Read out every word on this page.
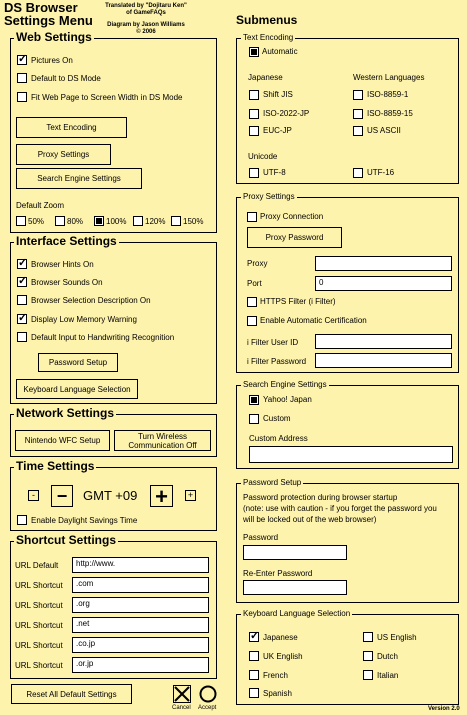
DS Browser
Settings Menu
Translated by "Dojitaru Ken"
of GameFAQs
Diagram by Jason Williams
© 2006
Submenus
Web Settings
✓
Pictures On
Default to DS Mode
Fit Web Page to Screen Width in DS Mode
Text Encoding
Proxy Settings
Search Engine Settings
Default Zoom
50%	80%	100% 120% 150%
Interface Settings
✓
Browser Hints On
✓
Browser Sounds On
Browser Selection Description On
✓
Display Low Memory Warning
Default Input to Handwriting Recognition
Password Setup
Keyboard Language Selection
Network Settings
Nintendo WFC Setup	Turn Wireless
Communication Off
Time Settings
-	−	GMT +09 +	+
Enable Daylight Savings Time
Shortcut Settings
URL Default	http://www.
URL Shortcut	.com
URL Shortcut	.org
URL Shortcut	.net
URL Shortcut	.co.jp
URL Shortcut	.or.jp
Reset All Default Settings
Cancel Accept	Version 2.0
Text Encoding
Automatic
Japanese	Western Languages
Shift JIS	ISO-8859-1
ISO-2022-JP	ISO-8859-15
EUC-JP	US ASCII
Unicode
UTF-8	UTF-16
Proxy Settings
Proxy Connection
Proxy Password
Proxy
Port	0
HTTPS Filter (i Filter)
Enable Automatic Certification
i Filter User ID
i Filter Password
Search Engine Settings
Yahoo! Japan
Custom
Custom Address
Password Setup
Password protection during browser startup
(note: use with caution - if you forget the password you
will be locked out of the web browser)
Password
Re-Enter Password
Keyboard Language Selection
✓
Japanese	US English
UK English	Dutch
French	Italian
Spanish
